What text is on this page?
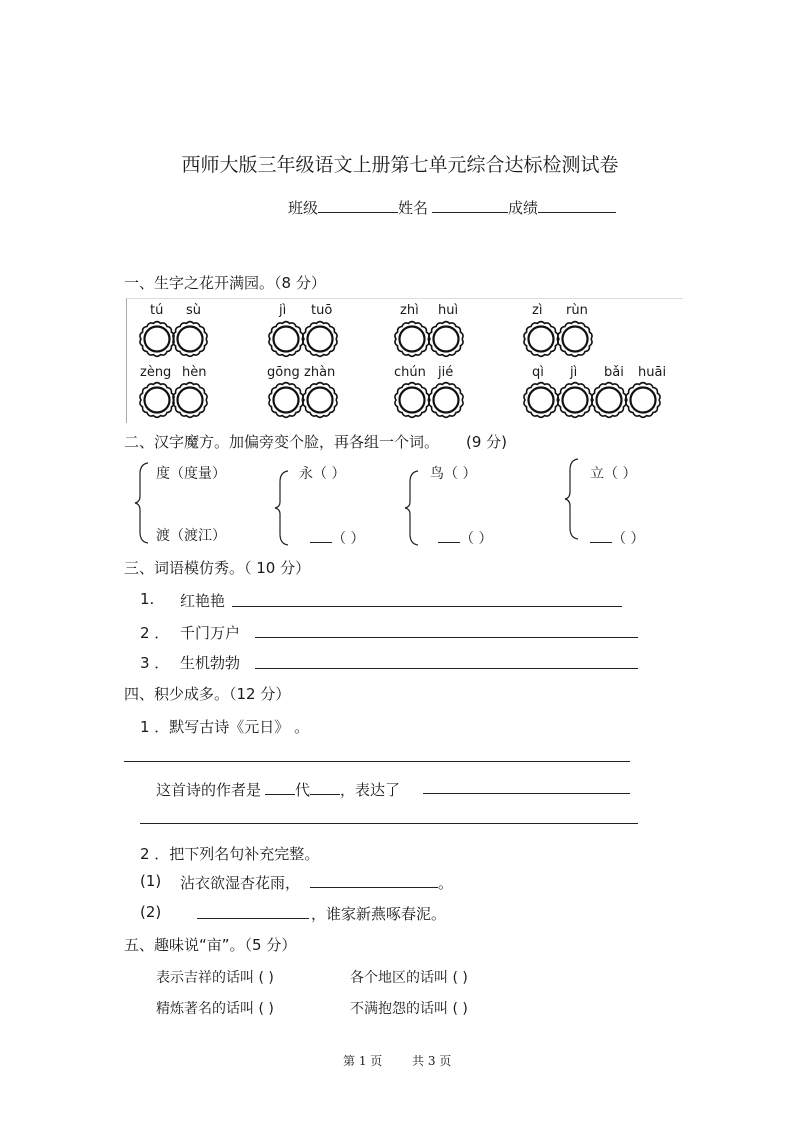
西师大版三年级语文上册第七单元综合达标检测试卷
班级	姓名	成绩
一、生字之花开满园。（8 分）
tú sù	jì tuō	zhì huì	zì rùn
zèng hèn	gōng zhàn	chún jié	qì jì bǎi huāi
二、汉字魔方。加偏旁变个脸，再各组一个词。 (9 分)
度（度量）
渡（渡江）
永（ ）
（ ）
鸟（ ）
（ ）
立（ ）
（ ）
三、词语模仿秀。（ 10 分）
1. 红艳艳
2 ． 千门万户
3 ． 生机勃勃
四、积少成多。（12 分）
1 ．默写古诗《元日》 。
这首诗的作者是 代 ，表达了
2 ．把下列名句补充完整。
(1) 沾衣欲湿杏花雨，	。
(2)	，谁家新燕啄春泥。
五、趣味说“亩”。（5 分）
表示吉祥的话叫 ( )	各个地区的话叫 ( )
精炼著名的话叫 ( )	不满抱怨的话叫 ( )
第 1 页 共 3 页
